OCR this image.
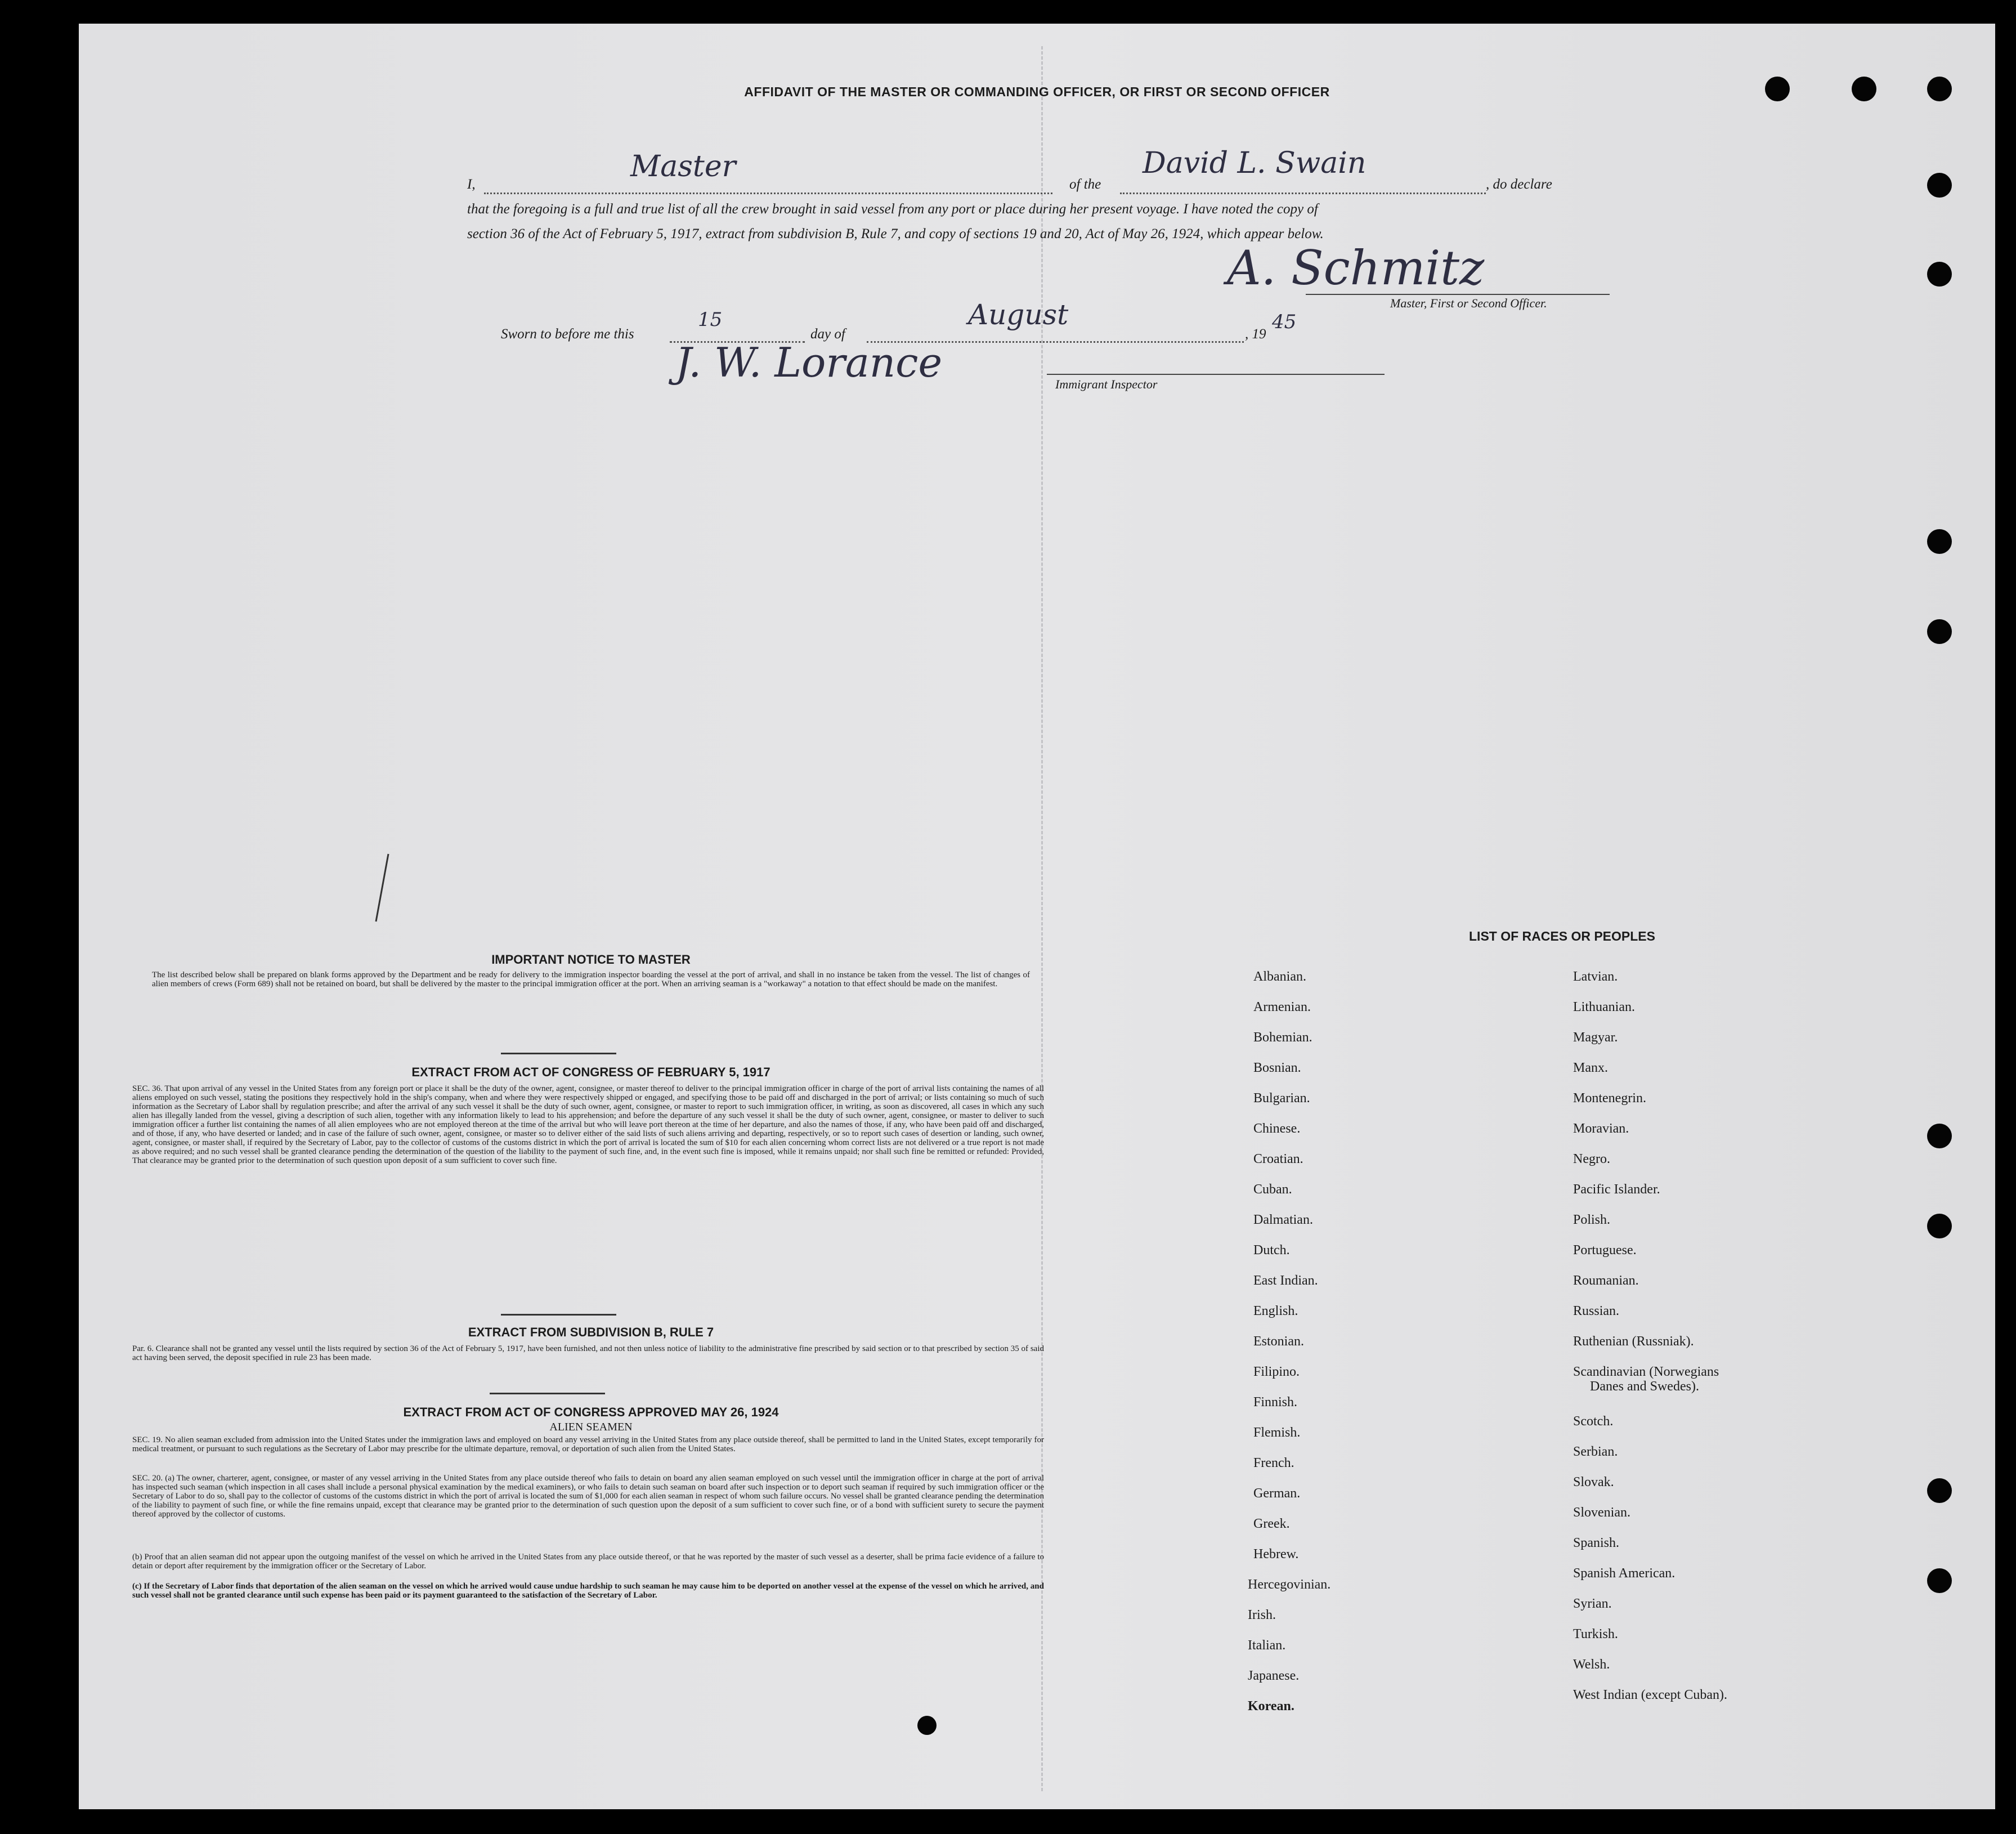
AFFIDAVIT OF THE MASTER OR COMMANDING OFFICER, OR FIRST OR SECOND OFFICER
I,
Master
of the
David L. Swain
, do declare
that the foregoing is a full and true list of all the crew brought in said vessel from any port or place during her present voyage. I have noted the copy of
section 36 of the Act of February 5, 1917, extract from subdivision B, Rule 7, and copy of sections 19 and 20, Act of May 26, 1924, which appear below.
A. Schmitz
Master, First or Second Officer.
Sworn to before me this
15
day of
August
, 19
45
J. W. Lorance	Immigrant Inspector
IMPORTANT NOTICE TO MASTER
The list described below shall be prepared on blank forms approved by the Department and be ready for delivery to the immigration inspector boarding the vessel at the port of arrival, and shall in no instance be taken from the vessel. The list of changes of alien members of crews (Form 689) shall not be retained on board, but shall be delivered by the master to the principal immigration officer at the port. When an arriving seaman is a "workaway" a notation to that effect should be made on the manifest.
EXTRACT FROM ACT OF CONGRESS OF FEBRUARY 5, 1917
SEC. 36. That upon arrival of any vessel in the United States from any foreign port or place it shall be the duty of the owner, agent, consignee, or master thereof to deliver to the principal immigration officer in charge of the port of arrival lists containing the names of all aliens employed on such vessel, stating the positions they respectively hold in the ship's company, when and where they were respectively shipped or engaged, and specifying those to be paid off and discharged in the port of arrival; or lists containing so much of such information as the Secretary of Labor shall by regulation prescribe; and after the arrival of any such vessel it shall be the duty of such owner, agent, consignee, or master to report to such immigration officer, in writing, as soon as discovered, all cases in which any such alien has illegally landed from the vessel, giving a description of such alien, together with any information likely to lead to his apprehension; and before the departure of any such vessel it shall be the duty of such owner, agent, consignee, or master to deliver to such immigration officer a further list containing the names of all alien employees who are not employed thereon at the time of the arrival but who will leave port thereon at the time of her departure, and also the names of those, if any, who have been paid off and discharged, and of those, if any, who have deserted or landed; and in case of the failure of such owner, agent, consignee, or master so to deliver either of the said lists of such aliens arriving and departing, respectively, or so to report such cases of desertion or landing, such owner, agent, consignee, or master shall, if required by the Secretary of Labor, pay to the collector of customs of the customs district in which the port of arrival is located the sum of $10 for each alien concerning whom correct lists are not delivered or a true report is not made as above required; and no such vessel shall be granted clearance pending the determination of the question of the liability to the payment of such fine, and, in the event such fine is imposed, while it remains unpaid; nor shall such fine be remitted or refunded: Provided, That clearance may be granted prior to the determination of such question upon deposit of a sum sufficient to cover such fine.
EXTRACT FROM SUBDIVISION B, RULE 7
Par. 6. Clearance shall not be granted any vessel until the lists required by section 36 of the Act of February 5, 1917, have been furnished, and not then unless notice of liability to the administrative fine prescribed by said section or to that prescribed by section 35 of said act having been served, the deposit specified in rule 23 has been made.
EXTRACT FROM ACT OF CONGRESS APPROVED MAY 26, 1924
ALIEN SEAMEN
SEC. 19. No alien seaman excluded from admission into the United States under the immigration laws and employed on board any vessel arriving in the United States from any place outside thereof, shall be permitted to land in the United States, except temporarily for medical treatment, or pursuant to such regulations as the Secretary of Labor may prescribe for the ultimate departure, removal, or deportation of such alien from the United States.
SEC. 20. (a) The owner, charterer, agent, consignee, or master of any vessel arriving in the United States from any place outside thereof who fails to detain on board any alien seaman employed on such vessel until the immigration officer in charge at the port of arrival has inspected such seaman (which inspection in all cases shall include a personal physical examination by the medical examiners), or who fails to detain such seaman on board after such inspection or to deport such seaman if required by such immigration officer or the Secretary of Labor to do so, shall pay to the collector of customs of the customs district in which the port of arrival is located the sum of $1,000 for each alien seaman in respect of whom such failure occurs. No vessel shall be granted clearance pending the determination of the liability to payment of such fine, or while the fine remains unpaid, except that clearance may be granted prior to the determination of such question upon the deposit of a sum sufficient to cover such fine, or of a bond with sufficient surety to secure the payment thereof approved by the collector of customs.
(b) Proof that an alien seaman did not appear upon the outgoing manifest of the vessel on which he arrived in the United States from any place outside thereof, or that he was reported by the master of such vessel as a deserter, shall be prima facie evidence of a failure to detain or deport after requirement by the immigration officer or the Secretary of Labor.
(c) If the Secretary of Labor finds that deportation of the alien seaman on the vessel on which he arrived would cause undue hardship to such seaman he may cause him to be deported on another vessel at the expense of the vessel on which he arrived, and such vessel shall not be granted clearance until such expense has been paid or its payment guaranteed to the satisfaction of the Secretary of Labor.
LIST OF RACES OR PEOPLES
Albanian.
Armenian.
Bohemian.
Bosnian.
Bulgarian.
Chinese.
Croatian.
Cuban.
Dalmatian.
Dutch.
East Indian.
English.
Estonian.
Filipino.
Finnish.
Flemish.
French.
German.
Greek.
Hebrew.
Hercegovinian.
Irish.
Italian.
Japanese.
Korean.
Latvian.
Lithuanian.
Magyar.
Manx.
Montenegrin.
Moravian.
Negro.
Pacific Islander.
Polish.
Portuguese.
Roumanian.
Russian.
Ruthenian (Russniak).
Scandinavian (Norwegians
Danes and Swedes).
Scotch.
Serbian.
Slovak.
Slovenian.
Spanish.
Spanish American.
Syrian.
Turkish.
Welsh.
West Indian (except Cuban).
